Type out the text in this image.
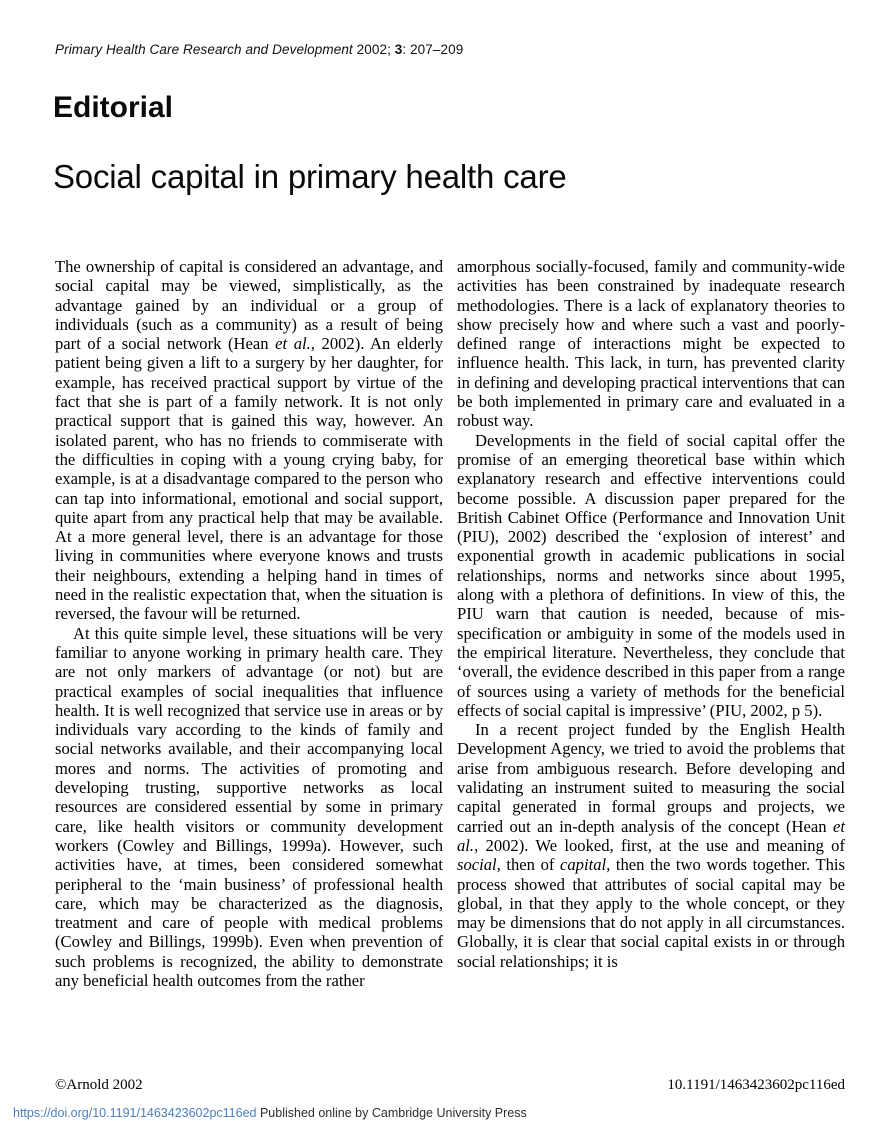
Primary Health Care Research and Development 2002; 3: 207–209
Editorial
Social capital in primary health care

The ownership of capital is considered an advantage, and social capital may be viewed, simplistically, as the advantage gained by an individual or a group of individuals (such as a community) as a result of being part of a social network (Hean et al., 2002). An elderly patient being given a lift to a surgery by her daughter, for example, has received practical support by virtue of the fact that she is part of a family network. It is not only practical support that is gained this way, however. An isolated parent, who has no friends to commiserate with the difficulties in coping with a young crying baby, for example, is at a disadvantage compared to the person who can tap into informational, emotional and social support, quite apart from any practical help that may be available. At a more general level, there is an advantage for those living in communities where everyone knows and trusts their neighbours, extending a helping hand in times of need in the realistic expectation that, when the situation is reversed, the favour will be returned.

At this quite simple level, these situations will be very familiar to anyone working in primary health care. They are not only markers of advantage (or not) but are practical examples of social inequalities that influence health. It is well recognized that service use in areas or by individuals vary according to the kinds of family and social networks available, and their accompanying local mores and norms. The activities of promoting and developing trusting, supportive networks as local resources are considered essential by some in primary care, like health visitors or community development workers (Cowley and Billings, 1999a). However, such activities have, at times, been considered somewhat peripheral to the ‘main business’ of professional health care, which may be characterized as the diagnosis, treatment and care of people with medical problems (Cowley and Billings, 1999b). Even when prevention of such problems is recognized, the ability to demonstrate any beneficial health outcomes from the rather

amorphous socially-focused, family and community-wide activities has been constrained by inadequate research methodologies. There is a lack of explanatory theories to show precisely how and where such a vast and poorly-defined range of interactions might be expected to influence health. This lack, in turn, has prevented clarity in defining and developing practical interventions that can be both implemented in primary care and evaluated in a robust way.

Developments in the field of social capital offer the promise of an emerging theoretical base within which explanatory research and effective interventions could become possible. A discussion paper prepared for the British Cabinet Office (Performance and Innovation Unit (PIU), 2002) described the ‘explosion of interest’ and exponential growth in academic publications in social relationships, norms and networks since about 1995, along with a plethora of definitions. In view of this, the PIU warn that caution is needed, because of mis-specification or ambiguity in some of the models used in the empirical literature. Nevertheless, they conclude that ‘overall, the evidence described in this paper from a range of sources using a variety of methods for the beneficial effects of social capital is impressive’ (PIU, 2002, p 5).

In a recent project funded by the English Health Development Agency, we tried to avoid the problems that arise from ambiguous research. Before developing and validating an instrument suited to measuring the social capital generated in formal groups and projects, we carried out an in-depth analysis of the concept (Hean et al., 2002). We looked, first, at the use and meaning of social, then of capital, then the two words together. This process showed that attributes of social capital may be global, in that they apply to the whole concept, or they may be dimensions that do not apply in all circumstances. Globally, it is clear that social capital exists in or through social relationships; it is

©Arnold 2002	10.1191/1463423602pc116ed
https://doi.org/10.1191/1463423602pc116ed Published online by Cambridge University Press
